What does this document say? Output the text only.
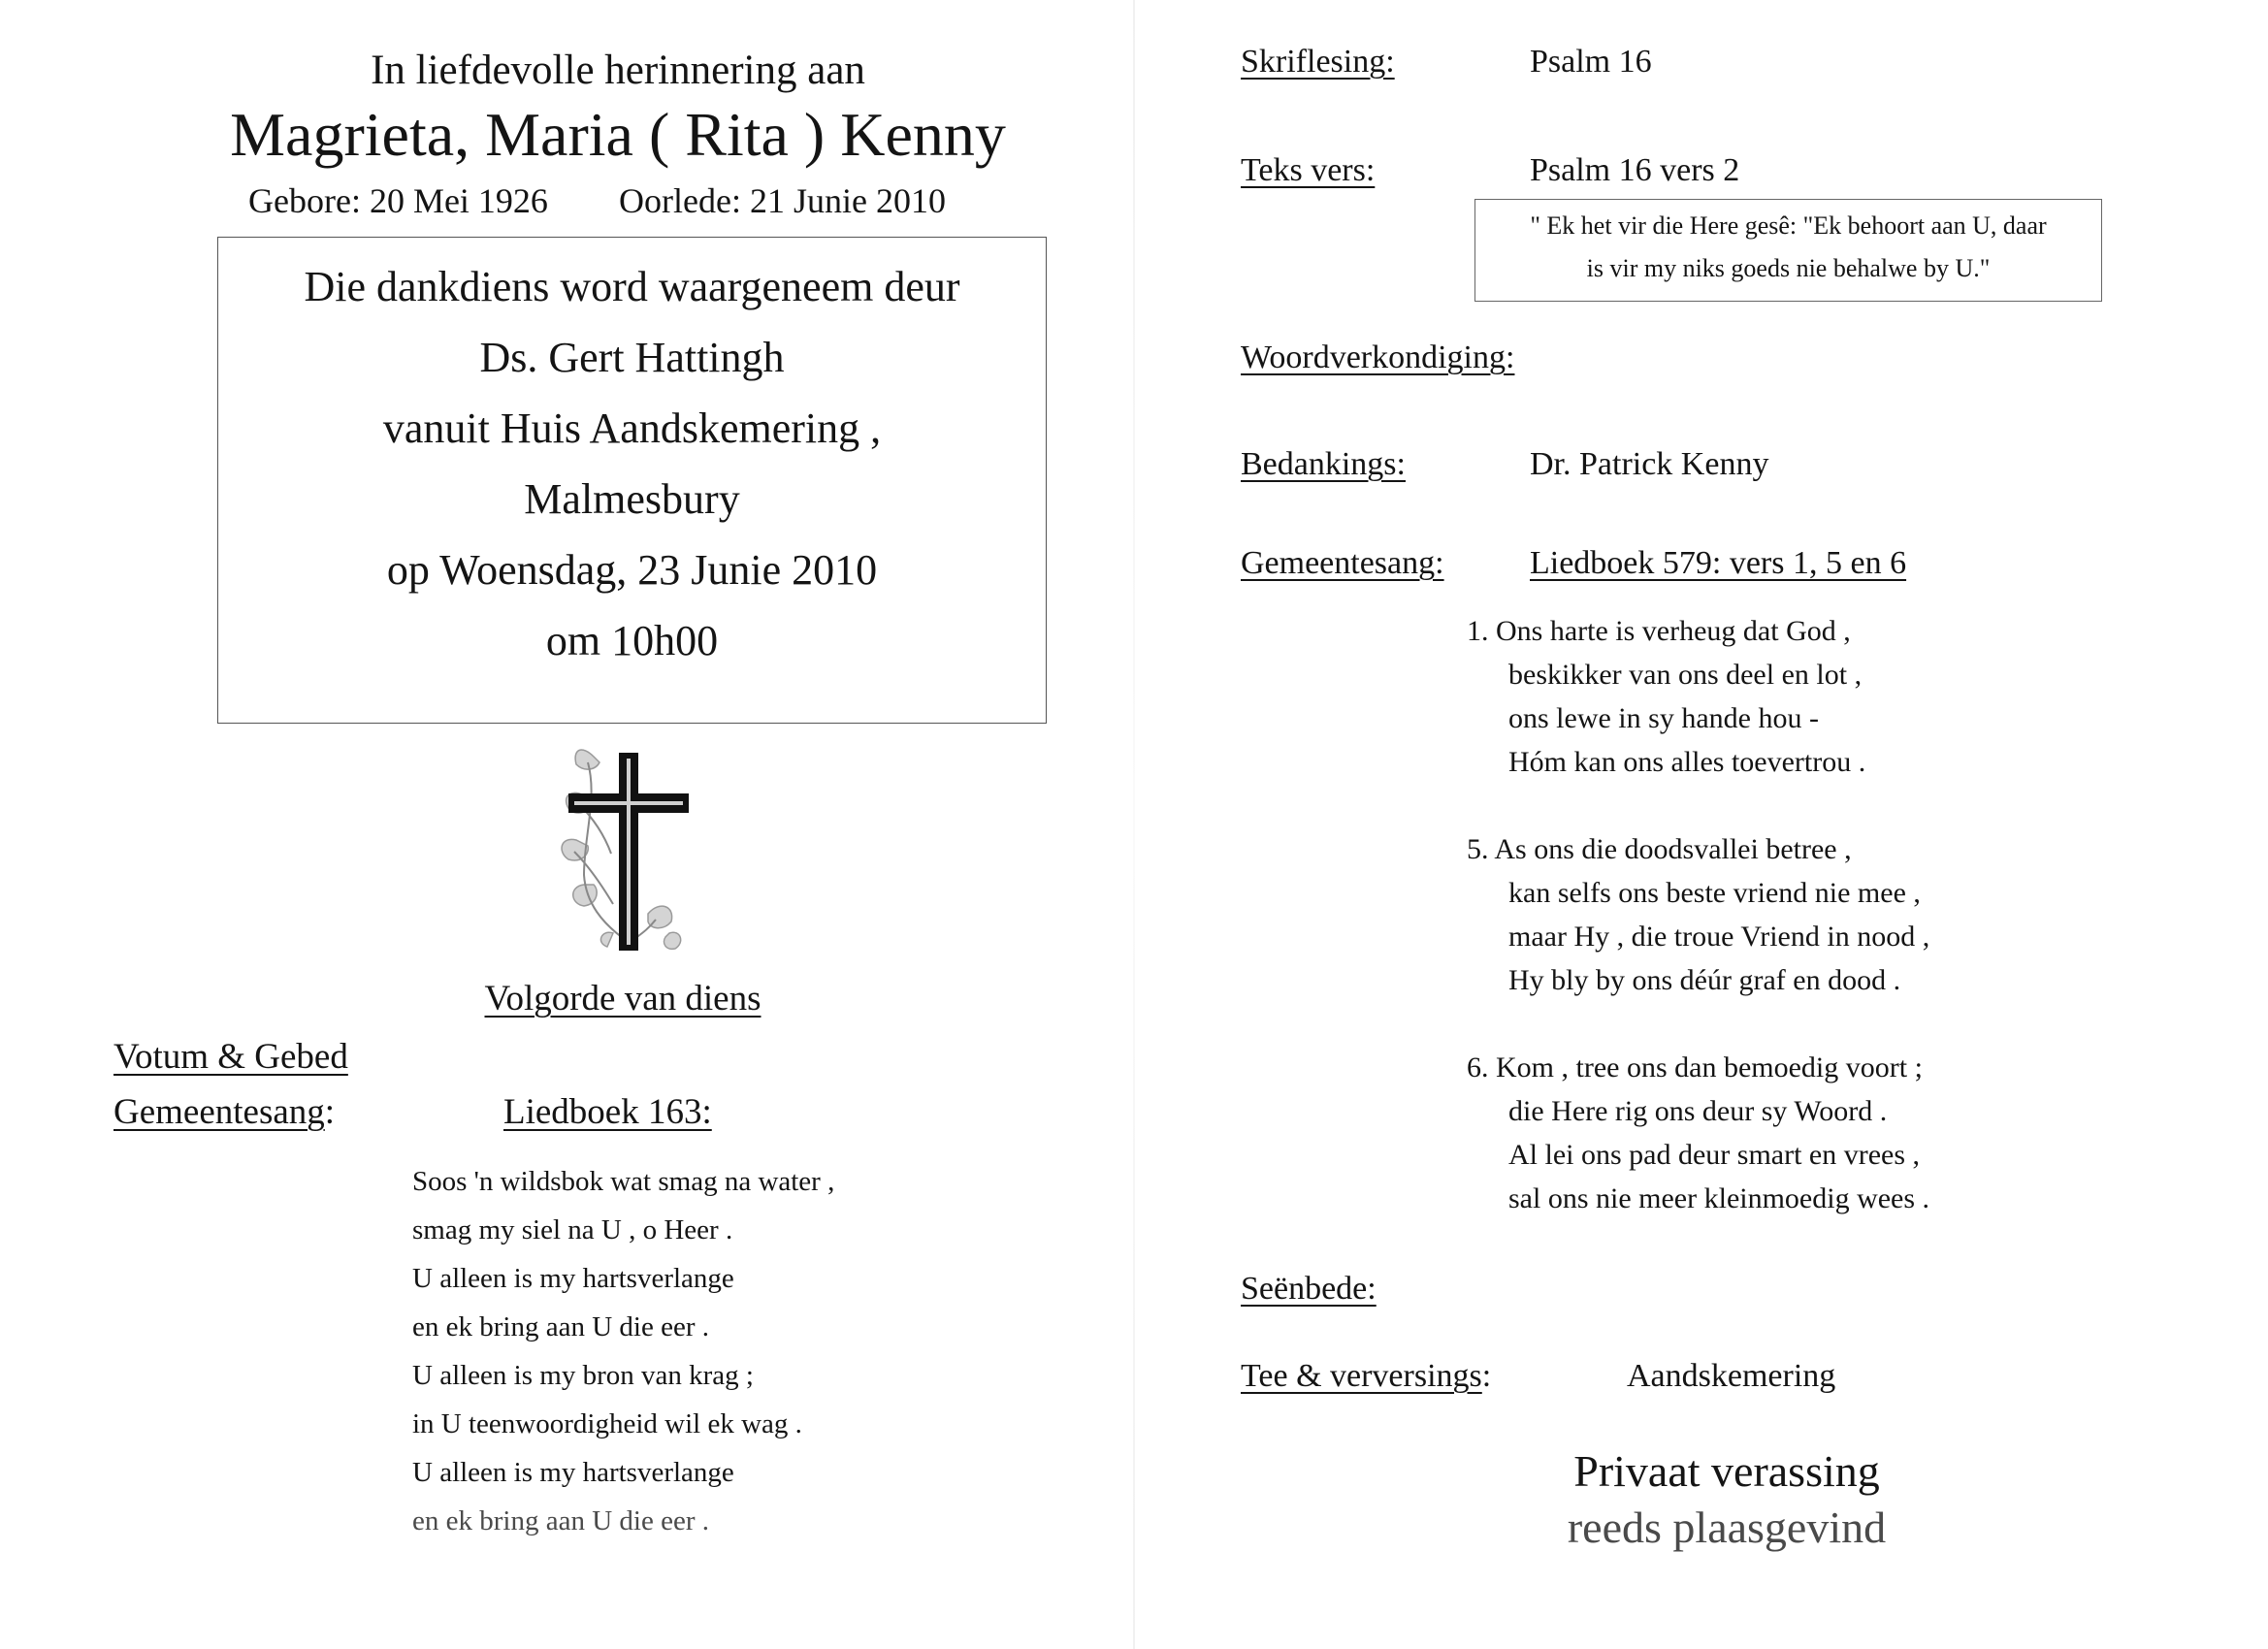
In liefdevolle herinnering aan
Magrieta, Maria ( Rita ) Kenny
Gebore: 20 Mei 1926 Oorlede: 21 Junie 2010
Die dankdiens word waargeneem deur
Ds. Gert Hattingh
vanuit Huis Aandskemering ,
Malmesbury
op Woensdag, 23 Junie 2010
om 10h00
Volgorde van diens
Votum & Gebed
Gemeentesang:	Liedboek 163:
Soos 'n wildsbok wat smag na water ,
smag my siel na U , o Heer .
U alleen is my hartsverlange
en ek bring aan U die eer .
U alleen is my bron van krag ;
in U teenwoordigheid wil ek wag .
U alleen is my hartsverlange
en ek bring aan U die eer .
Skriflesing:	Psalm 16
Teks vers:	Psalm 16 vers 2
" Ek het vir die Here gesê: "Ek behoort aan U, daar
is vir my niks goeds nie behalwe by U."
Woordverkondiging:
Bedankings:	Dr. Patrick Kenny
Gemeentesang:	Liedboek 579: vers 1, 5 en 6
1. Ons harte is verheug dat God ,
beskikker van ons deel en lot ,
ons lewe in sy hande hou -
Hóm kan ons alles toevertrou .
5. As ons die doodsvallei betree ,
kan selfs ons beste vriend nie mee ,
maar Hy , die troue Vriend in nood ,
Hy bly by ons déúr graf en dood .
6. Kom , tree ons dan bemoedig voort ;
die Here rig ons deur sy Woord .
Al lei ons pad deur smart en vrees ,
sal ons nie meer kleinmoedig wees .
Seënbede:
Tee & verversings:	Aandskemering
Privaat verassing
reeds plaasgevind
